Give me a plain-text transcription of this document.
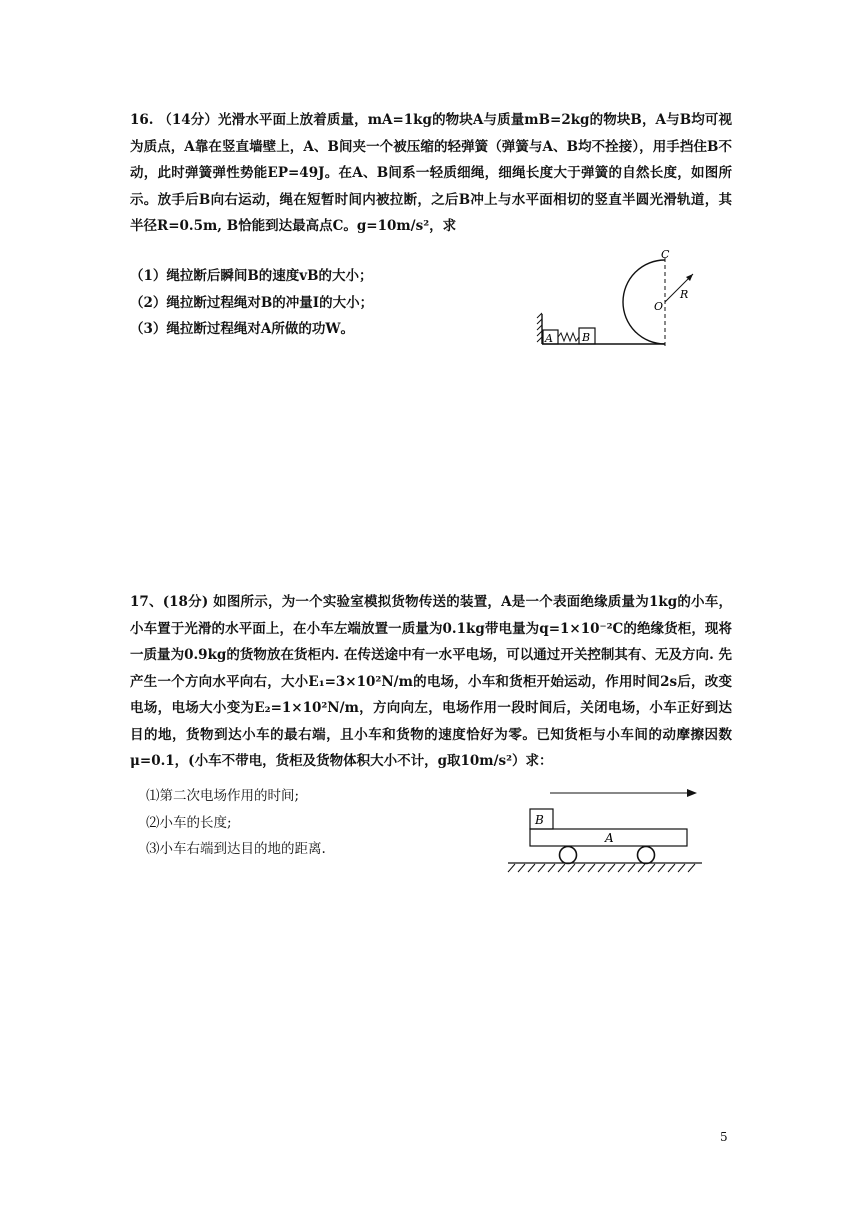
16. （14分）光滑水平面上放着质量，mA=1kg的物块A与质量mB=2kg的物块B，A与B均可视为质点，A靠在竖直墙壁上，A、B间夹一个被压缩的轻弹簧（弹簧与A、B均不拴接），用手挡住B不动，此时弹簧弹性势能EP=49J。在A、B间系一轻质细绳，细绳长度大于弹簧的自然长度，如图所示。放手后B向右运动，绳在短暂时间内被拉断，之后B冲上与水平面相切的竖直半圆光滑轨道，其半径R=0.5m, B恰能到达最高点C。g=10m/s²，求
（1）绳拉断后瞬间B的速度vB的大小；
（2）绳拉断过程绳对B的冲量I的大小；
（3）绳拉断过程绳对A所做的功W。
A	B
C
O
R
17、(18分) 如图所示，为一个实验室模拟货物传送的装置，A是一个表面绝缘质量为1kg的小车，小车置于光滑的水平面上，在小车左端放置一质量为0.1kg带电量为q=1×10⁻²C的绝缘货柜，现将一质量为0.9kg的货物放在货柜内. 在传送途中有一水平电场，可以通过开关控制其有、无及方向. 先产生一个方向水平向右，大小E₁=3×10²N/m的电场，小车和货柜开始运动，作用时间2s后，改变电场，电场大小变为E₂=1×10²N/m，方向向左，电场作用一段时间后，关闭电场，小车正好到达目的地，货物到达小车的最右端，且小车和货物的速度恰好为零。已知货柜与小车间的动摩擦因数μ=0.1，(小车不带电，货柜及货物体积大小不计，g取10m/s²）求：
⑴第二次电场作用的时间;
⑵小车的长度;
⑶小车右端到达目的地的距离.
B
A
5
